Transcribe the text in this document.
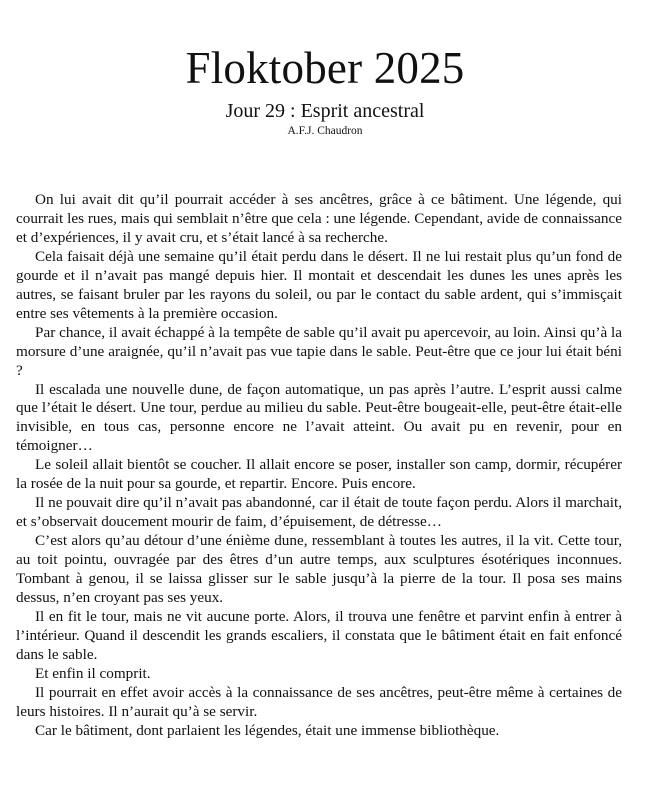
Floktober 2025
Jour 29 : Esprit ancestral
A.F.J. Chaudron

On lui avait dit qu’il pourrait accéder à ses ancêtres, grâce à ce bâtiment. Une légende, qui courrait les rues, mais qui semblait n’être que cela : une légende. Cependant, avide de connaissance et d’expériences, il y avait cru, et s’était lancé à sa recherche.

Cela faisait déjà une semaine qu’il était perdu dans le désert. Il ne lui restait plus qu’un fond de gourde et il n’avait pas mangé depuis hier. Il montait et descendait les dunes les unes après les autres, se faisant bruler par les rayons du soleil, ou par le contact du sable ardent, qui s’immisçait entre ses vêtements à la première occasion.

Par chance, il avait échappé à la tempête de sable qu’il avait pu apercevoir, au loin. Ainsi qu’à la morsure d’une araignée, qu’il n’avait pas vue tapie dans le sable. Peut-être que ce jour lui était béni ?

Il escalada une nouvelle dune, de façon automatique, un pas après l’autre. L’esprit aussi calme que l’était le désert. Une tour, perdue au milieu du sable. Peut-être bougeait-elle, peut-être était-elle invisible, en tous cas, personne encore ne l’avait atteint. Ou avait pu en revenir, pour en témoigner…

Le soleil allait bientôt se coucher. Il allait encore se poser, installer son camp, dormir, récupérer la rosée de la nuit pour sa gourde, et repartir. Encore. Puis encore.

Il ne pouvait dire qu’il n’avait pas abandonné, car il était de toute façon perdu. Alors il marchait, et s’observait doucement mourir de faim, d’épuisement, de détresse…

C’est alors qu’au détour d’une énième dune, ressemblant à toutes les autres, il la vit. Cette tour, au toit pointu, ouvragée par des êtres d’un autre temps, aux sculptures ésotériques inconnues. Tombant à genou, il se laissa glisser sur le sable jusqu’à la pierre de la tour. Il posa ses mains dessus, n’en croyant pas ses yeux.

Il en fit le tour, mais ne vit aucune porte. Alors, il trouva une fenêtre et parvint enfin à entrer à l’intérieur. Quand il descendit les grands escaliers, il constata que le bâtiment était en fait enfoncé dans le sable.

Et enfin il comprit.

Il pourrait en effet avoir accès à la connaissance de ses ancêtres, peut-être même à certaines de leurs histoires. Il n’aurait qu’à se servir.

Car le bâtiment, dont parlaient les légendes, était une immense bibliothèque.
